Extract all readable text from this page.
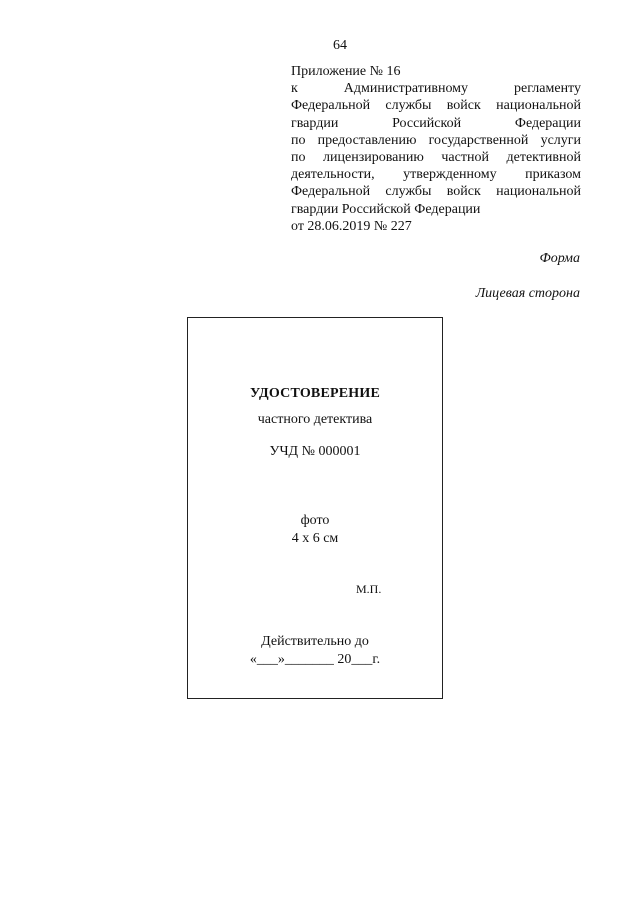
64
Приложение № 16
к Административному регламенту
Федеральной службы войск национальной
гвардии Российской Федерации
по предоставлению государственной услуги
по лицензированию частной детективной
деятельности, утвержденному приказом
Федеральной службы войск национальной
гвардии Российской Федерации
от 28.06.2019 № 227
Форма
Лицевая сторона
УДОСТОВЕРЕНИЕ
частного детектива
УЧД № 000001
фото
4 х 6 см
М.П.
Действительно до
«___»_______ 20___г.
